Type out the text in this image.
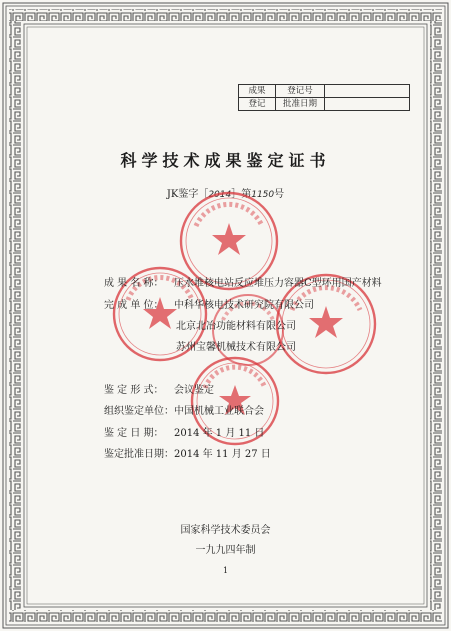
成果	登记号	
登记	批准日期	
科学技术成果鉴定证书
JK鉴字［2014］第1150号
成 果 名 称： 压水堆核电站反应堆压力容器C型环用国产材料
完 成 单 位： 中科华核电技术研究院有限公司
北京北冶功能材料有限公司
苏州宝馨机械技术有限公司
鉴 定 形 式： 会议鉴定
组织鉴定单位：中国机械工业联合会
鉴 定 日 期： 2014 年 1 月 11 日
鉴定批准日期：2014 年 11 月 27 日
国家科学技术委员会
一九九四年制
1
